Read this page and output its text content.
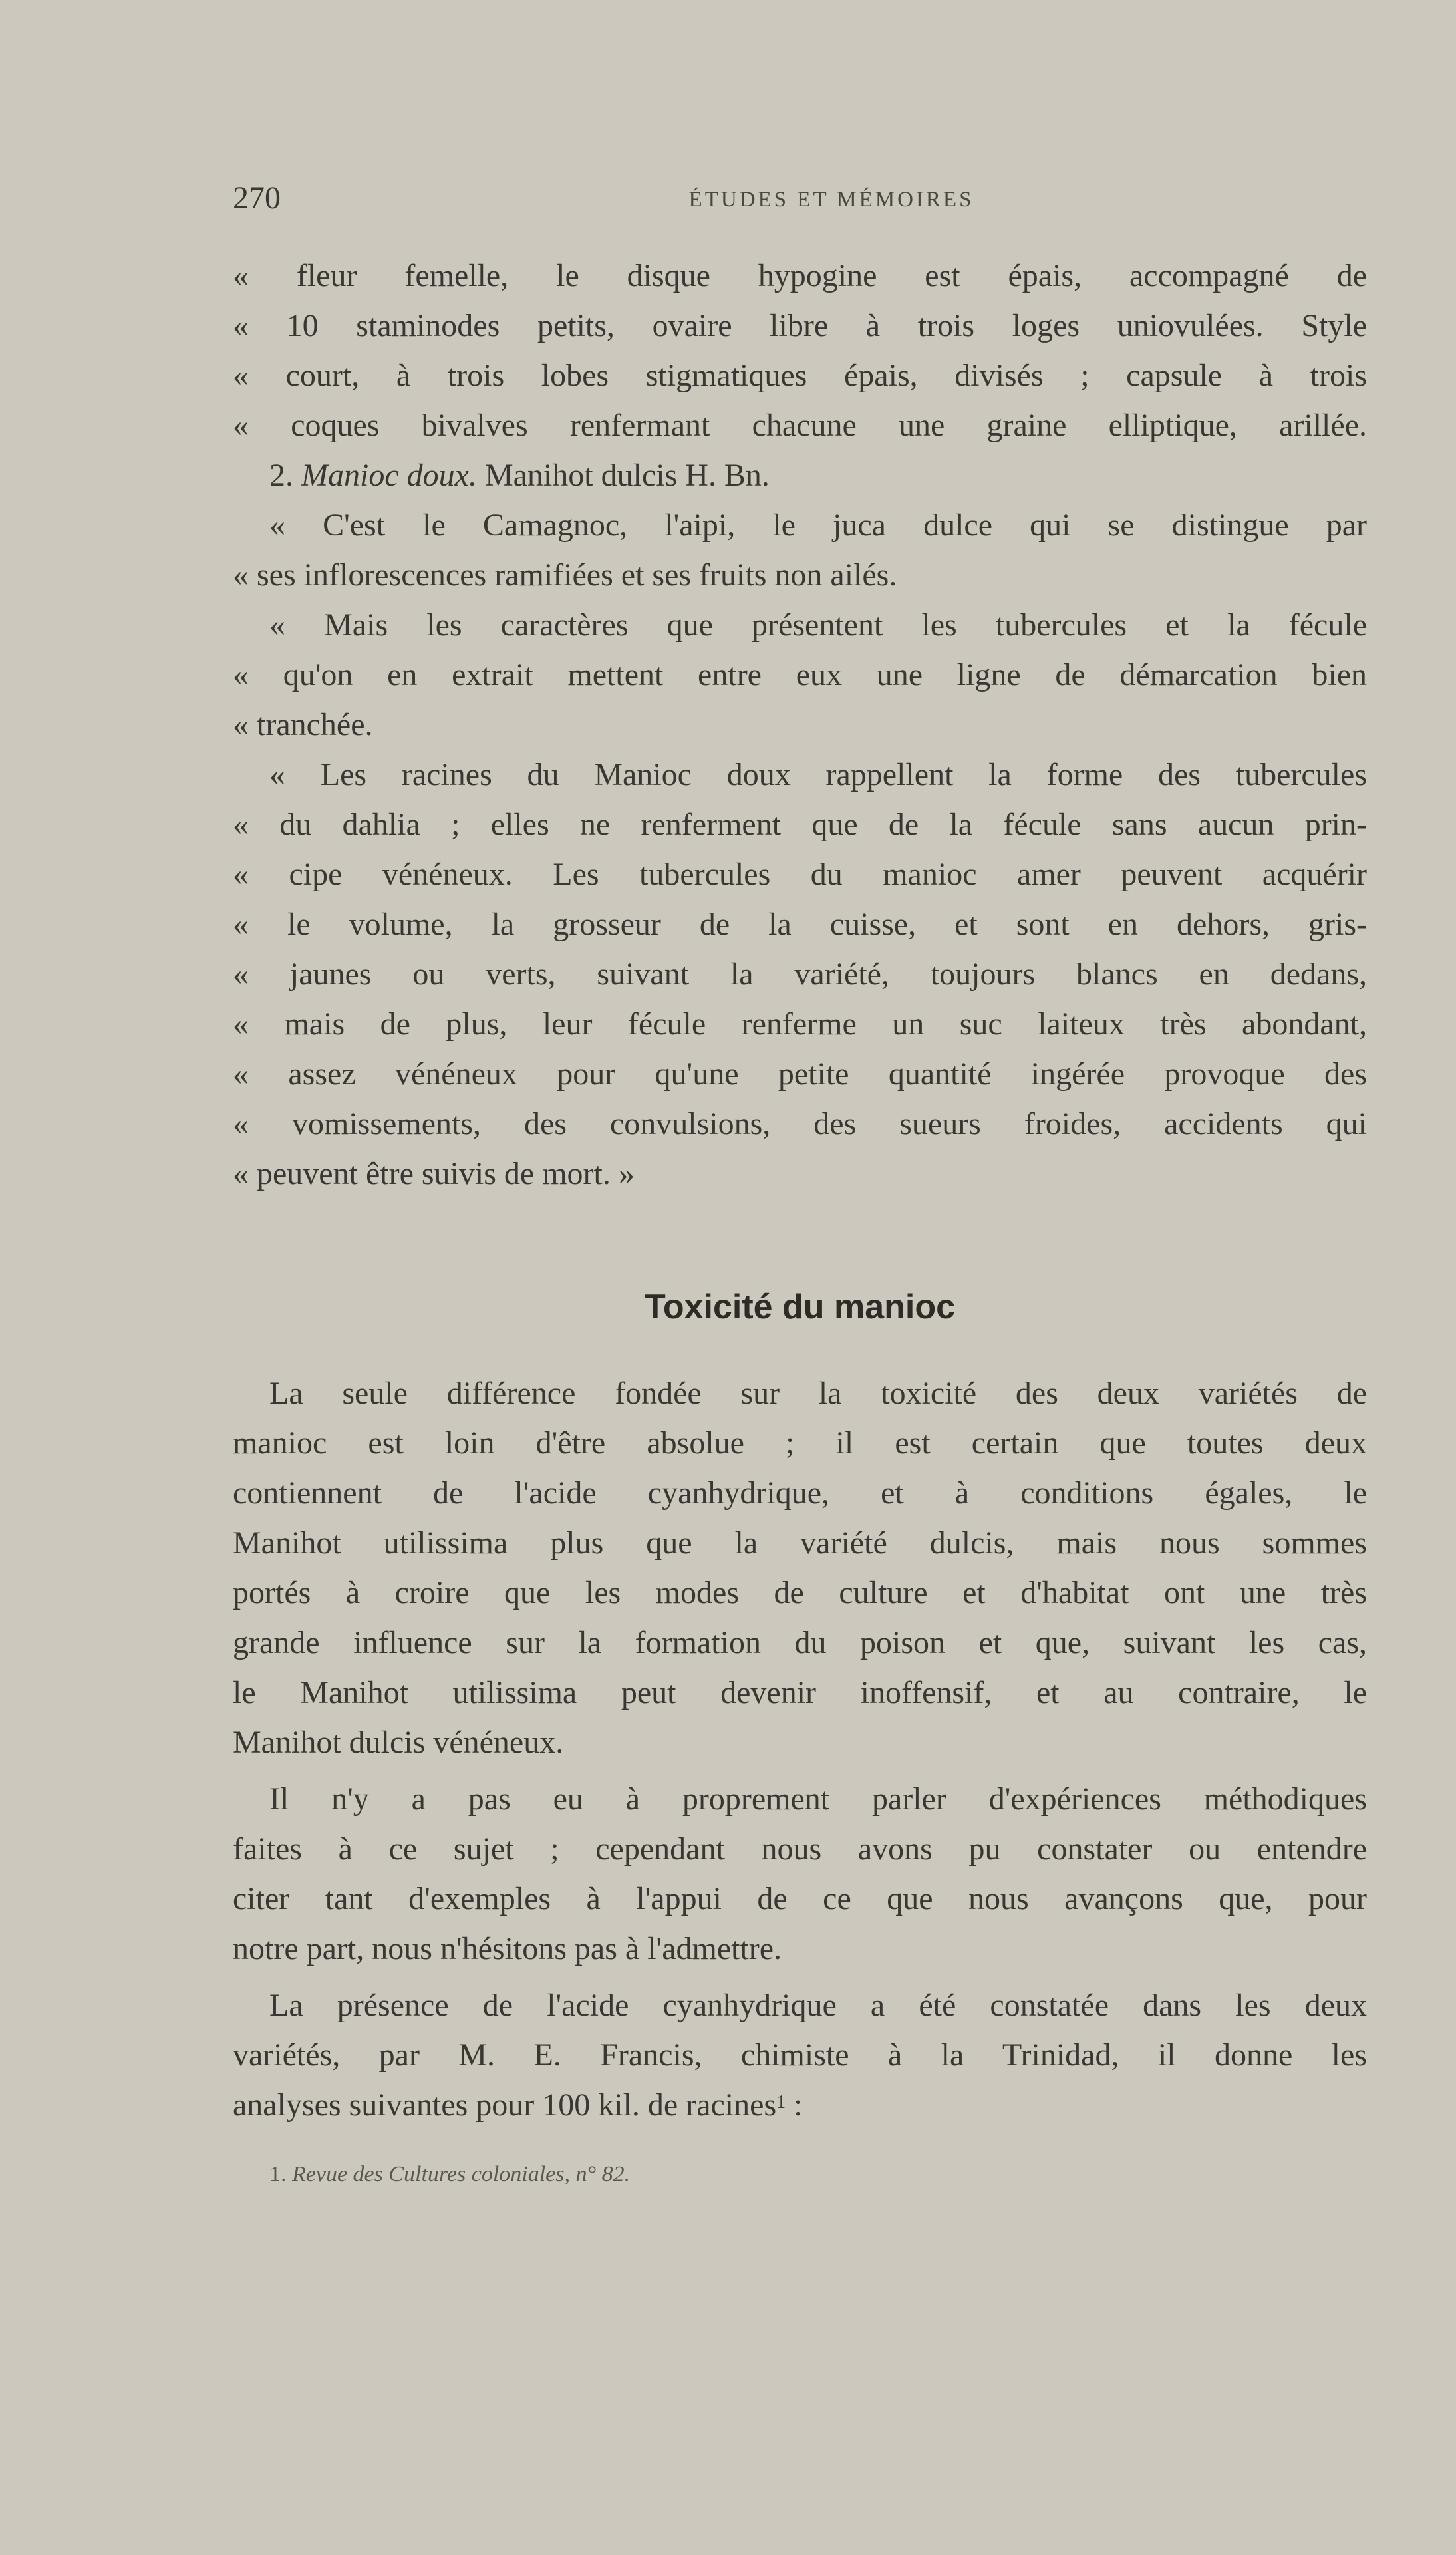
270	ÉTUDES ET MÉMOIRES
« fleur femelle, le disque hypogine est épais, accompagné de
« 10 staminodes petits, ovaire libre à trois loges uniovulées. Style
« court, à trois lobes stigmatiques épais, divisés ; capsule à trois
« coques bivalves renfermant chacune une graine elliptique, arillée.
2. Manioc doux. Manihot dulcis H. Bn.
« C'est le Camagnoc, l'aipi, le juca dulce qui se distingue par
« ses inflorescences ramifiées et ses fruits non ailés.
« Mais les caractères que présentent les tubercules et la fécule
« qu'on en extrait mettent entre eux une ligne de démarcation bien
« tranchée.
« Les racines du Manioc doux rappellent la forme des tubercules
« du dahlia ; elles ne renferment que de la fécule sans aucun prin-
« cipe vénéneux. Les tubercules du manioc amer peuvent acquérir
« le volume, la grosseur de la cuisse, et sont en dehors, gris-
« jaunes ou verts, suivant la variété, toujours blancs en dedans,
« mais de plus, leur fécule renferme un suc laiteux très abondant,
« assez vénéneux pour qu'une petite quantité ingérée provoque des
« vomissements, des convulsions, des sueurs froides, accidents qui
« peuvent être suivis de mort. »
Toxicité du manioc
La seule différence fondée sur la toxicité des deux variétés de
manioc est loin d'être absolue ; il est certain que toutes deux
contiennent de l'acide cyanhydrique, et à conditions égales, le
Manihot utilissima plus que la variété dulcis, mais nous sommes
portés à croire que les modes de culture et d'habitat ont une très
grande influence sur la formation du poison et que, suivant les cas,
le Manihot utilissima peut devenir inoffensif, et au contraire, le
Manihot dulcis vénéneux.
Il n'y a pas eu à proprement parler d'expériences méthodiques
faites à ce sujet ; cependant nous avons pu constater ou entendre
citer tant d'exemples à l'appui de ce que nous avançons que, pour
notre part, nous n'hésitons pas à l'admettre.
La présence de l'acide cyanhydrique a été constatée dans les deux
variétés, par M. E. Francis, chimiste à la Trinidad, il donne les
analyses suivantes pour 100 kil. de racines$^1$ :
1. Revue des Cultures coloniales, n° 82.
